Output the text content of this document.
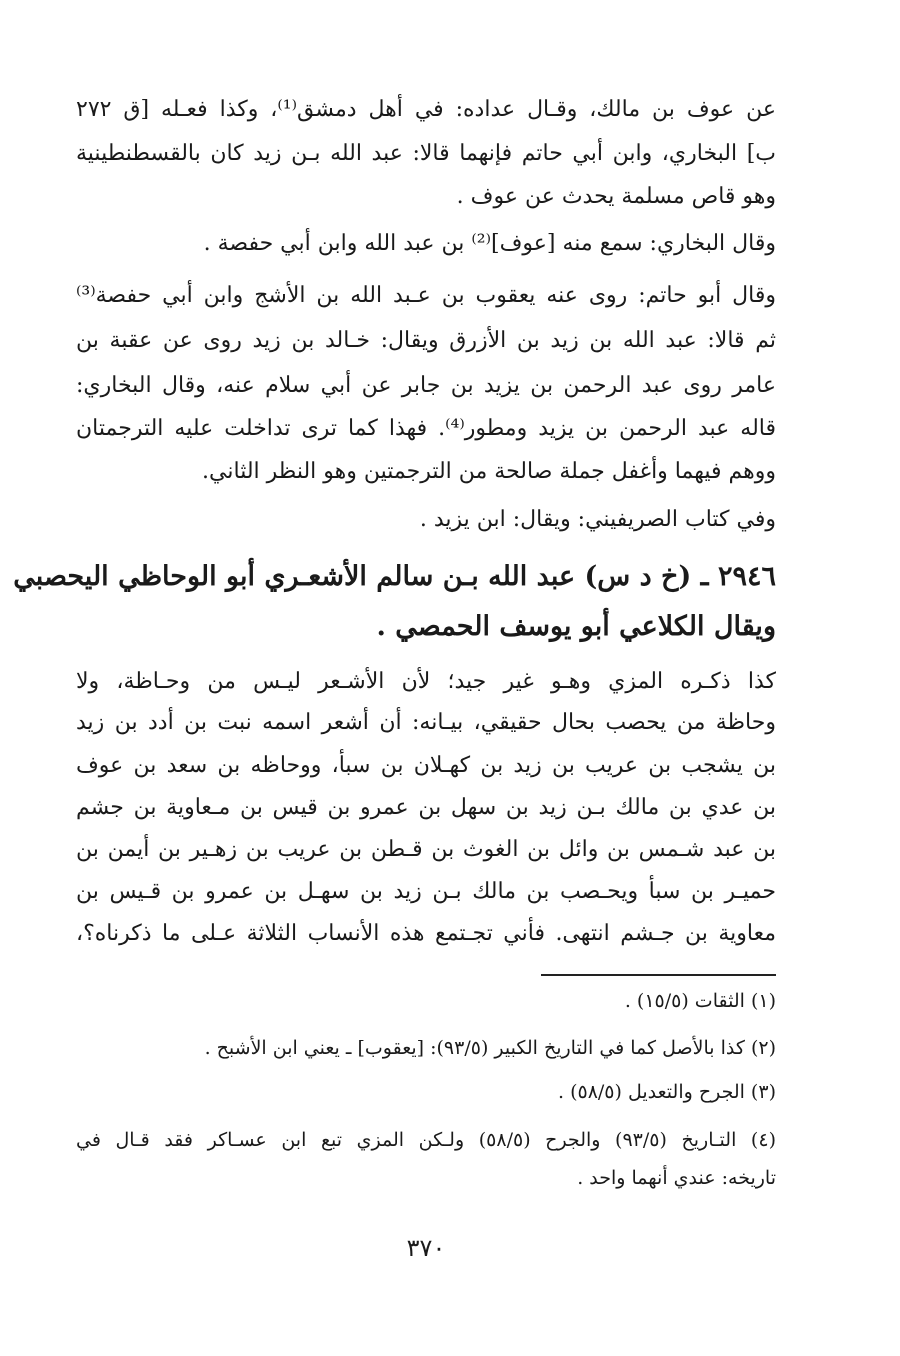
عن عوف بن مالك، وقـال عداده: في أهل دمشق⁽¹⁾، وكذا فعـله [ق ٢٧٢
ب] البخاري، وابن أبي حاتم فإنهما قالا: عبد الله بـن زيد كان بالقسطنطينية
وهو قاص مسلمة يحدث عن عوف .
وقال البخاري: سمع منه [عوف]⁽²⁾ بن عبد الله وابن أبي حفصة .
وقال أبو حاتم: روى عنه يعقوب بن عـبد الله بن الأشج وابن أبي حفصة⁽³⁾
ثم قالا: عبد الله بن زيد بن الأزرق ويقال: خـالد بن زيد روى عن عقبة بن
عامر روى عبد الرحمن بن يزيد بن جابر عن أبي سلام عنه، وقال البخاري:
قاله عبد الرحمن بن يزيد ومطور⁽⁴⁾. فهذا كما ترى تداخلت عليه الترجمتان
ووهم فيهما وأغفل جملة صالحة من الترجمتين وهو النظر الثاني.
وفي كتاب الصريفيني: ويقال: ابن يزيد .
٢٩٤٦ ـ (خ د س) عبد الله بـن سالم الأشعـري أبو الوحاظي اليحصبي
ويقال الكلاعي أبو يوسف الحمصي .
كذا ذكـره المزي وهـو غير جيد؛ لأن الأشـعر ليـس من وحـاظة، ولا
وحاظة من يحصب بحال حقيقي، بيـانه: أن أشعر اسمه نبت بن أدد بن زيد
بن يشجب بن عريب بن زيد بن كهـلان بن سبأ، ووحاظه بن سعد بن عوف
بن عدي بن مالك بـن زيد بن سهل بن عمرو بن قيس بن مـعاوية بن جشم
بن عبد شـمس بن وائل بن الغوث بن قـطن بن عريب بن زهـير بن أيمن بن
حميـر بن سبأ ويحـصب بن مالك بـن زيد بن سهـل بن عمرو بن قـيس بن
معاوية بن جـشم انتهى. فأني تجـتمع هذه الأنساب الثلاثة عـلى ما ذكرناه؟،
(١) الثقات (١٥/٥) .
(٢) كذا بالأصل كما في التاريخ الكبير (٩٣/٥): [يعقوب] ـ يعني ابن الأشبح .
(٣) الجرح والتعديل (٥٨/٥) .
(٤) التـاريخ (٩٣/٥) والجرح (٥٨/٥) ولـكن المزي تبع ابن عسـاكر فقد قـال في
تاريخه: عندي أنهما واحد .
٣٧٠
